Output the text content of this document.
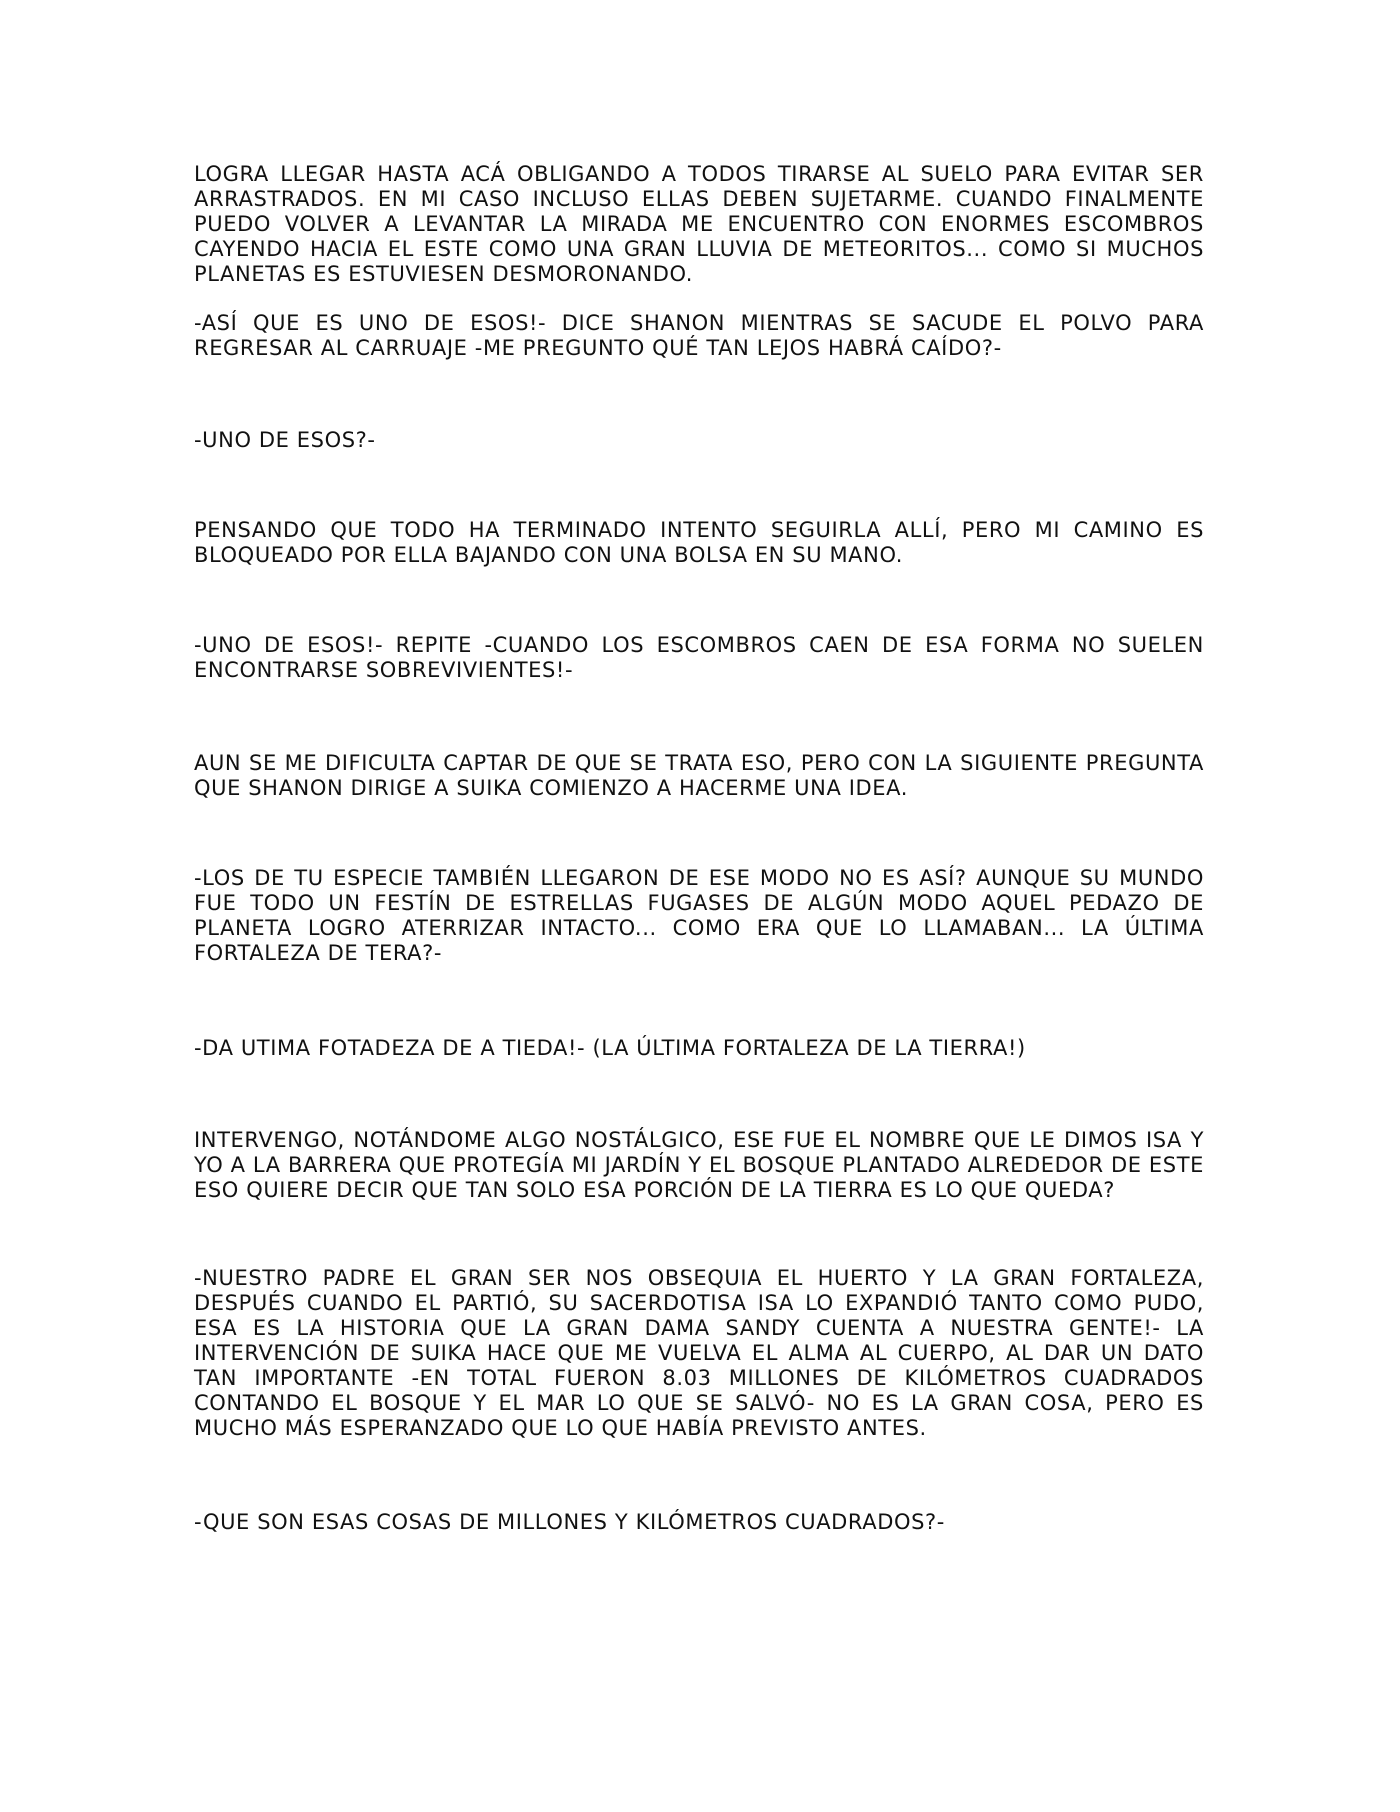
LOGRA LLEGAR HASTA ACÁ OBLIGANDO A TODOS TIRARSE AL SUELO PARA EVITAR SER ARRASTRADOS. EN MI CASO INCLUSO ELLAS DEBEN SUJETARME. CUANDO FINALMENTE PUEDO VOLVER A LEVANTAR LA MIRADA ME ENCUENTRO CON ENORMES ESCOMBROS CAYENDO HACIA EL ESTE COMO UNA GRAN LLUVIA DE METEORITOS... COMO SI MUCHOS PLANETAS ES ESTUVIESEN DESMORONANDO.

-ASÍ QUE ES UNO DE ESOS!- DICE SHANON MIENTRAS SE SACUDE EL POLVO PARA REGRESAR AL CARRUAJE -ME PREGUNTO QUÉ TAN LEJOS HABRÁ CAÍDO?-

-UNO DE ESOS?-

PENSANDO QUE TODO HA TERMINADO INTENTO SEGUIRLA ALLÍ, PERO MI CAMINO ES BLOQUEADO POR ELLA BAJANDO CON UNA BOLSA EN SU MANO.

-UNO DE ESOS!- REPITE -CUANDO LOS ESCOMBROS CAEN DE ESA FORMA NO SUELEN ENCONTRARSE SOBREVIVIENTES!-

AUN SE ME DIFICULTA CAPTAR DE QUE SE TRATA ESO, PERO CON LA SIGUIENTE PREGUNTA QUE SHANON DIRIGE A SUIKA COMIENZO A HACERME UNA IDEA.

-LOS DE TU ESPECIE TAMBIÉN LLEGARON DE ESE MODO NO ES ASÍ? AUNQUE SU MUNDO FUE TODO UN FESTÍN DE ESTRELLAS FUGASES DE ALGÚN MODO AQUEL PEDAZO DE PLANETA LOGRO ATERRIZAR INTACTO... COMO ERA QUE LO LLAMABAN... LA ÚLTIMA FORTALEZA DE TERA?-

-DA UTIMA FOTADEZA DE A TIEDA!- (LA ÚLTIMA FORTALEZA DE LA TIERRA!)

INTERVENGO, NOTÁNDOME ALGO NOSTÁLGICO, ESE FUE EL NOMBRE QUE LE DIMOS ISA Y YO A LA BARRERA QUE PROTEGÍA MI JARDÍN Y EL BOSQUE PLANTADO ALREDEDOR DE ESTE ESO QUIERE DECIR QUE TAN SOLO ESA PORCIÓN DE LA TIERRA ES LO QUE QUEDA?

-NUESTRO PADRE EL GRAN SER NOS OBSEQUIA EL HUERTO Y LA GRAN FORTALEZA, DESPUÉS CUANDO EL PARTIÓ, SU SACERDOTISA ISA LO EXPANDIÓ TANTO COMO PUDO, ESA ES LA HISTORIA QUE LA GRAN DAMA SANDY CUENTA A NUESTRA GENTE!- LA INTERVENCIÓN DE SUIKA HACE QUE ME VUELVA EL ALMA AL CUERPO, AL DAR UN DATO TAN IMPORTANTE -EN TOTAL FUERON 8.03 MILLONES DE KILÓMETROS CUADRADOS CONTANDO EL BOSQUE Y EL MAR LO QUE SE SALVÓ- NO ES LA GRAN COSA, PERO ES MUCHO MÁS ESPERANZADO QUE LO QUE HABÍA PREVISTO ANTES.

-QUE SON ESAS COSAS DE MILLONES Y KILÓMETROS CUADRADOS?-
